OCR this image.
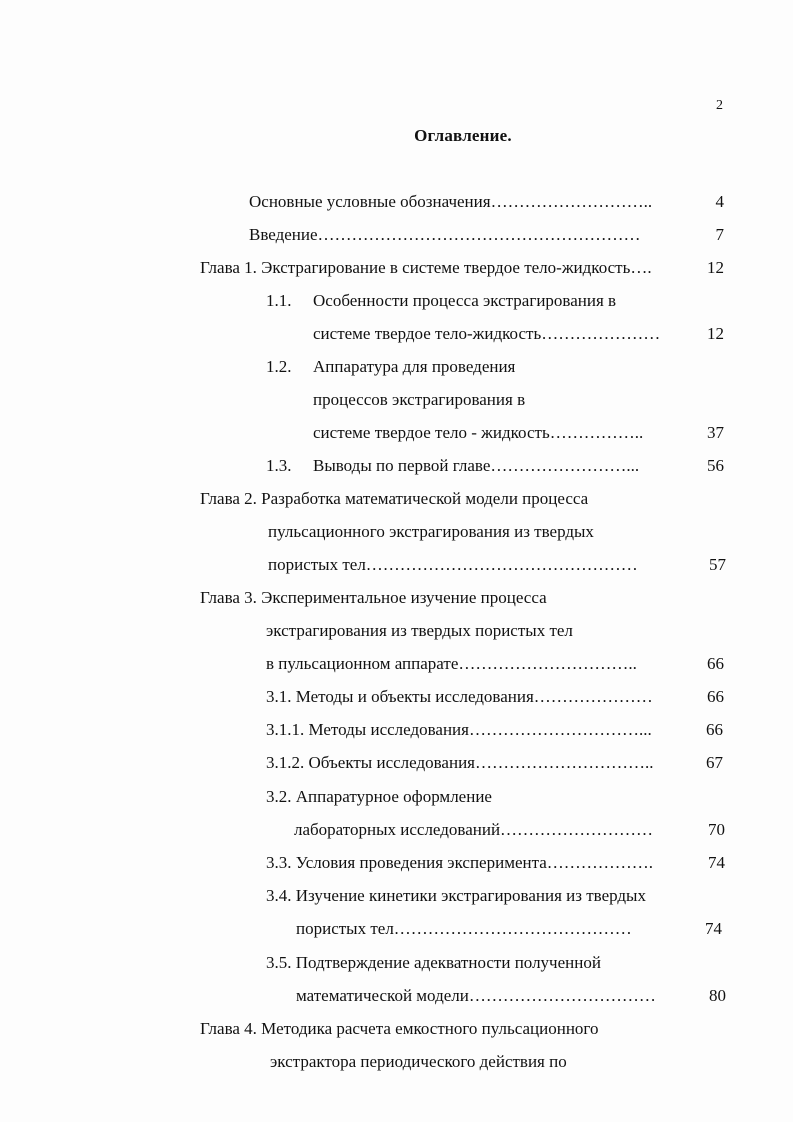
2
Оглавление.
Основные условные обозначения………………………..	4
Введение…………………………………………………	7
Глава 1. Экстрагирование в системе твердое тело-жидкость….	12
1.1. Особенности процесса экстрагирования в
системе твердое тело-жидкость…………………	12
1.2. Аппаратура для проведения
процессов экстрагирования в
системе твердое тело - жидкость……………..	37
1.3. Выводы по первой главе……………………...	56
Глава 2. Разработка математической модели процесса
пульсационного экстрагирования из твердых
пористых тел…………………………………………	57
Глава 3. Экспериментальное изучение процесса
экстрагирования из твердых пористых тел
в пульсационном аппарате…………………………..	66
3.1. Методы и объекты исследования…………………	66
3.1.1. Методы исследования…………………………...	66
3.1.2. Объекты исследования…………………………..	67
3.2. Аппаратурное оформление
лабораторных исследований………………………	70
3.3. Условия проведения эксперимента……………….	74
3.4. Изучение кинетики экстрагирования из твердых
пористых тел……………………………………	74
3.5. Подтверждение адекватности полученной
математической модели……………………………	80
Глава 4. Методика расчета емкостного пульсационного
экстрактора периодического действия по
